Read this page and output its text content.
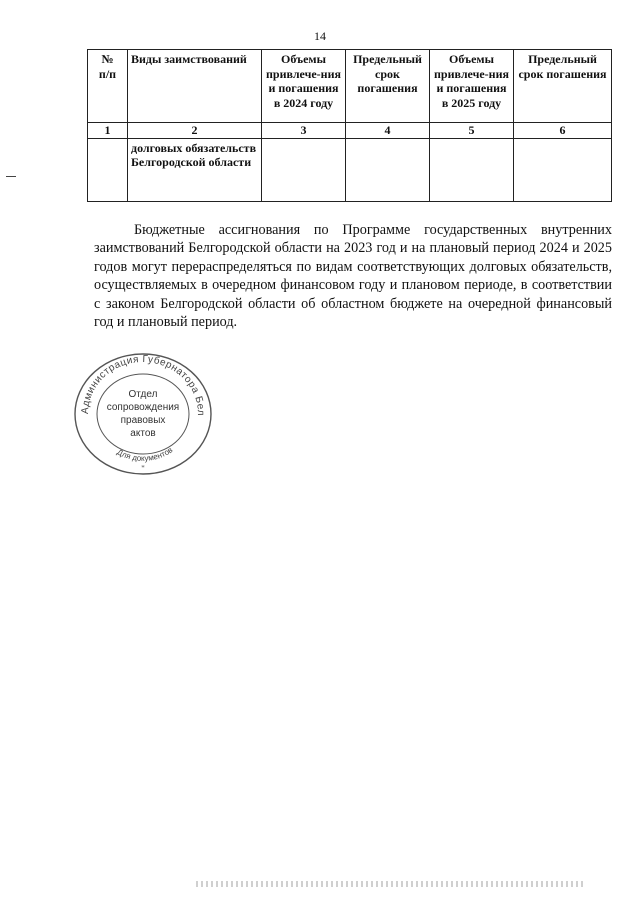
14
№
п/п	Виды заимствований	Объемы привлече-ния и погашения в 2024 году	Предельный срок погашения	Объемы привлече-ния и погашения в 2025 году	Предельный срок погашения
1	2	3	4	5	6
	долговых обязательств Белгородской области				

Бюджетные ассигнования по Программе государственных внутренних заимствований Белгородской области на 2023 год и на плановый период 2024 и 2025 годов могут перераспределяться по видам соответствующих долговых обязательств, осуществляемых в очередном финансовом году и плановом периоде, в соответствии с законом Белгородской области об областном бюджете на очередной финансовый год и плановый период.

Администрация Губернатора Бел
Для документов
*
Отдел
сопровождения
правовых
актов
